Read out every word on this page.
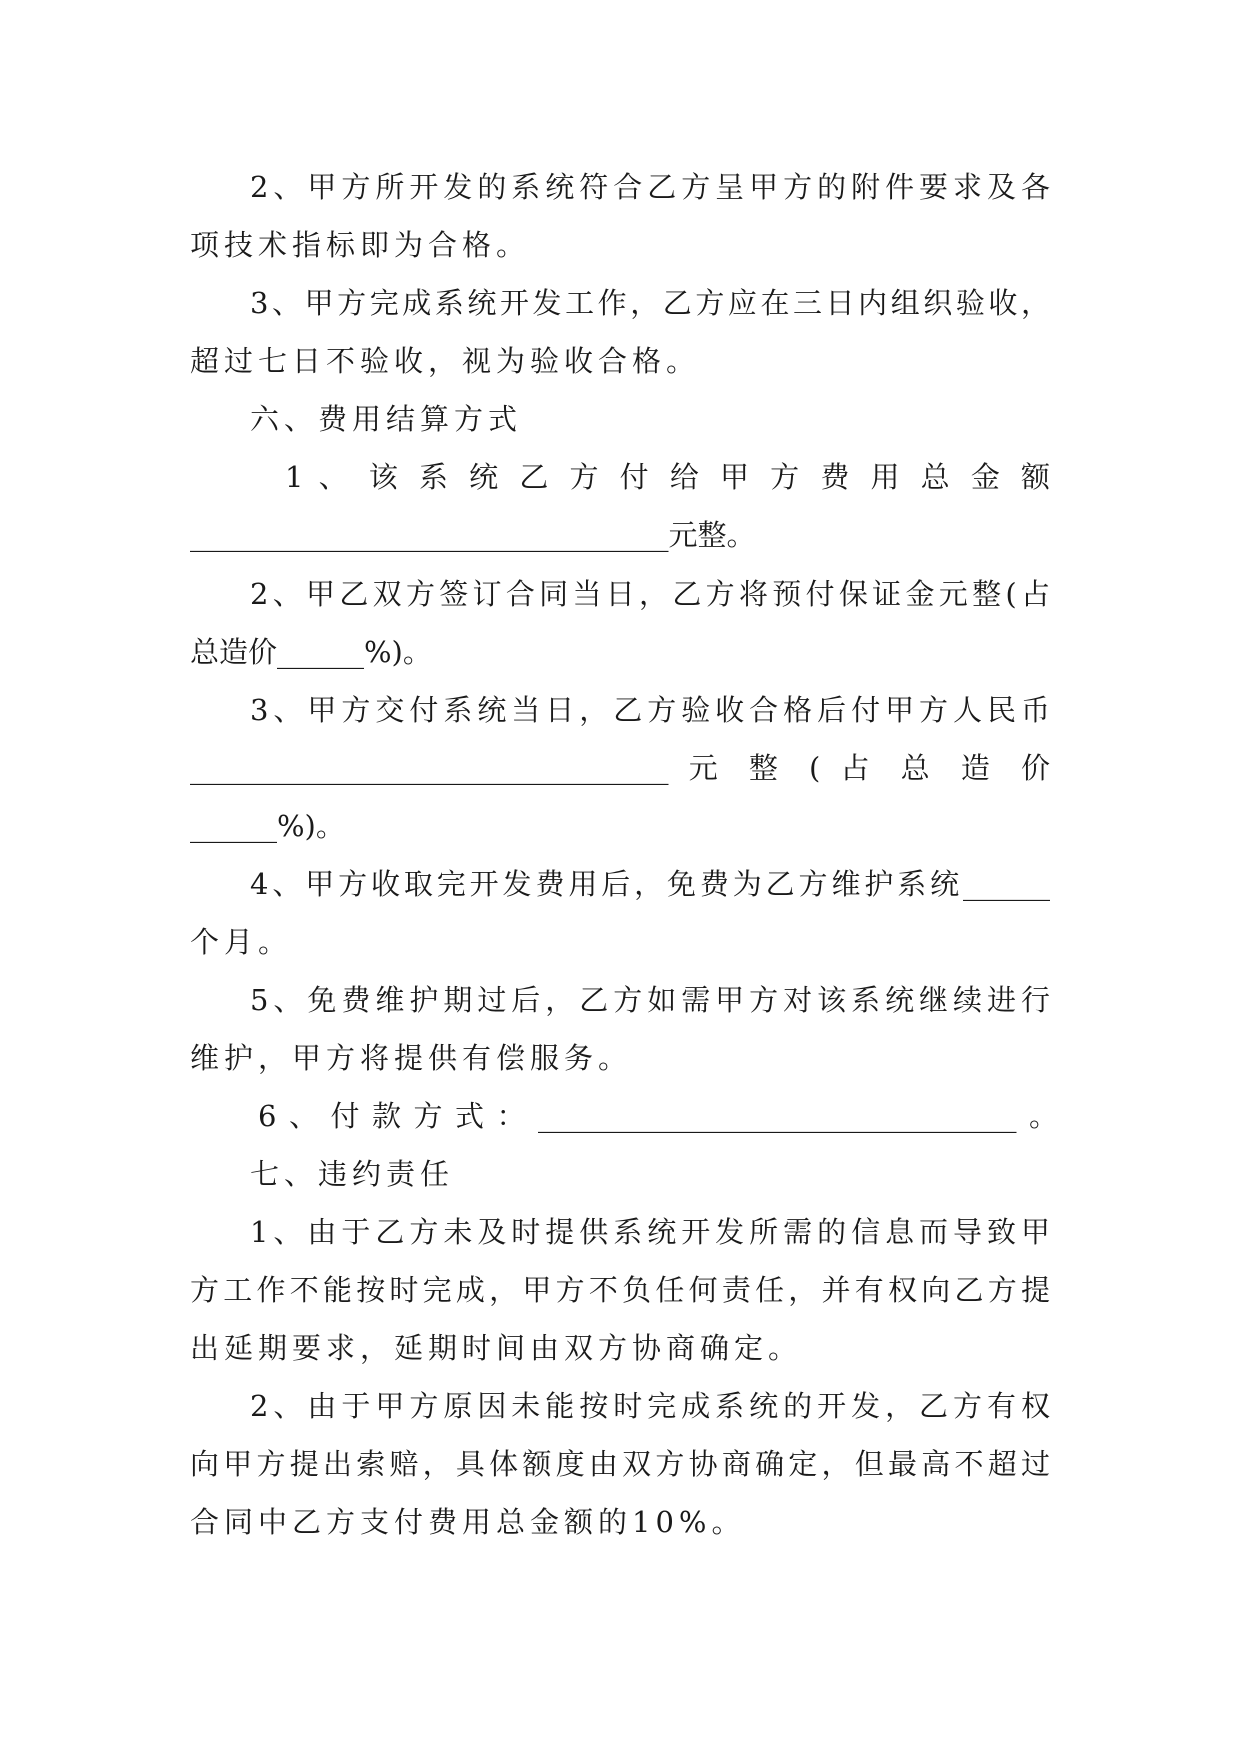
2、甲方所开发的系统符合乙方呈甲方的附件要求及各
项技术指标即为合格。
3、甲方完成系统开发工作，乙方应在三日内组织验收，
超过七日不验收，视为验收合格。
六、费用结算方式
1 、 该 系 统 乙 方 付 给 甲 方 费 用 总 金 额
_________________________________元整。
2、甲乙双方签订合同当日，乙方将预付保证金元整(占
总造价______%)。
3、甲方交付系统当日，乙方验收合格后付甲方人民币
_________________________________ 元 整 ( 占 总 造 价
______%)。
4、甲方收取完开发费用后，免费为乙方维护系统______
个月。
5、免费维护期过后，乙方如需甲方对该系统继续进行
维护，甲方将提供有偿服务。
6、付款方式：_________________________________。
七、违约责任
1、由于乙方未及时提供系统开发所需的信息而导致甲
方工作不能按时完成，甲方不负任何责任，并有权向乙方提
出延期要求，延期时间由双方协商确定。
2、由于甲方原因未能按时完成系统的开发，乙方有权
向甲方提出索赔，具体额度由双方协商确定，但最高不超过
合同中乙方支付费用总金额的10%。
